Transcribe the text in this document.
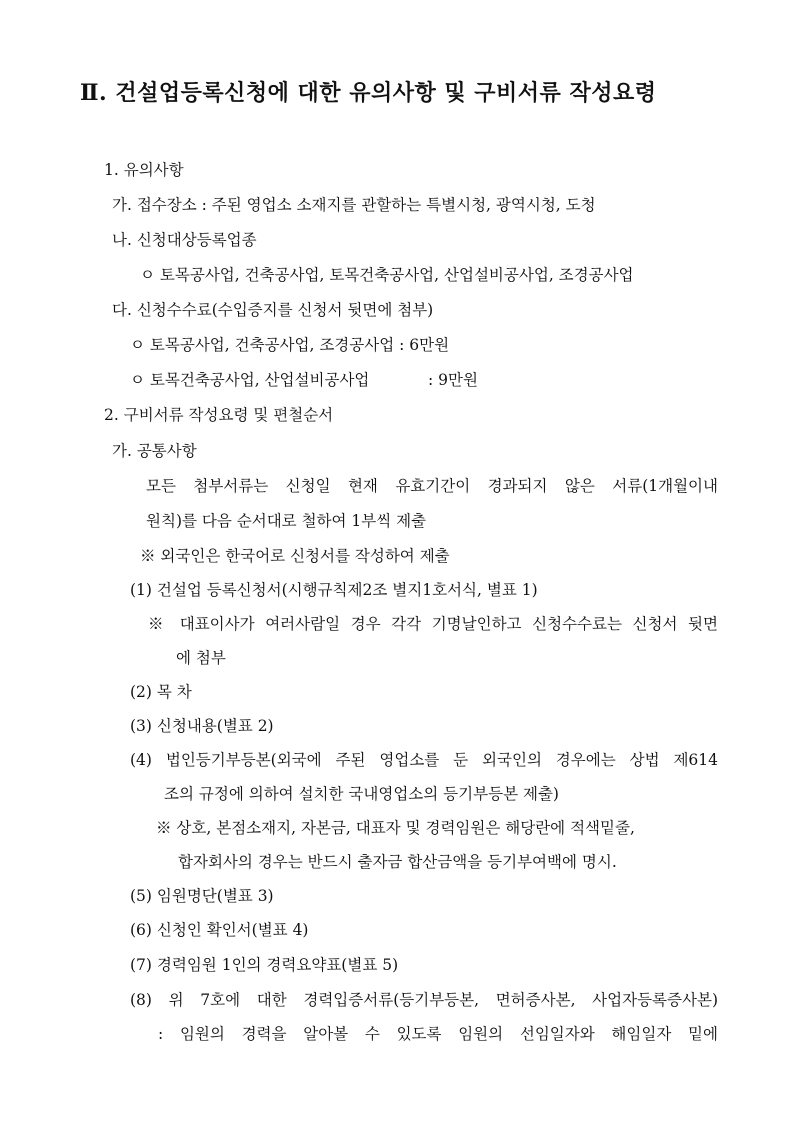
Ⅱ. 건설업등록신청에 대한 유의사항 및 구비서류 작성요령
1. 유의사항
가. 접수장소 : 주된 영업소 소재지를 관할하는 특별시청, 광역시청, 도청
나. 신청대상등록업종
ㅇ 토목공사업, 건축공사업, 토목건축공사업, 산업설비공사업, 조경공사업
다. 신청수수료(수입증지를 신청서 뒷면에 첨부)
ㅇ 토목공사업, 건축공사업, 조경공사업 : 6만원
ㅇ 토목건축공사업, 산업설비공사업	: 9만원
2. 구비서류 작성요령 및 편철순서
가. 공통사항
모든 첨부서류는 신청일 현재 유효기간이 경과되지 않은 서류(1개월이내
원칙)를 다음 순서대로 철하여 1부씩 제출
※ 외국인은 한국어로 신청서를 작성하여 제출
(1) 건설업 등록신청서(시행규칙제2조 별지1호서식, 별표 1)
※ 대표이사가 여러사람일 경우 각각 기명날인하고 신청수수료는 신청서 뒷면
에 첨부
(2) 목 차
(3) 신청내용(별표 2)
(4) 법인등기부등본(외국에 주된 영업소를 둔 외국인의 경우에는 상법 제614
조의 규정에 의하여 설치한 국내영업소의 등기부등본 제출)
※ 상호, 본점소재지, 자본금, 대표자 및 경력임원은 해당란에 적색밑줄,
합자회사의 경우는 반드시 출자금 합산금액을 등기부여백에 명시.
(5) 임원명단(별표 3)
(6) 신청인 확인서(별표 4)
(7) 경력임원 1인의 경력요약표(별표 5)
(8) 위 7호에 대한 경력입증서류(등기부등본, 면허증사본, 사업자등록증사본)
: 임원의 경력을 알아볼 수 있도록 임원의 선임일자와 해임일자 밑에
